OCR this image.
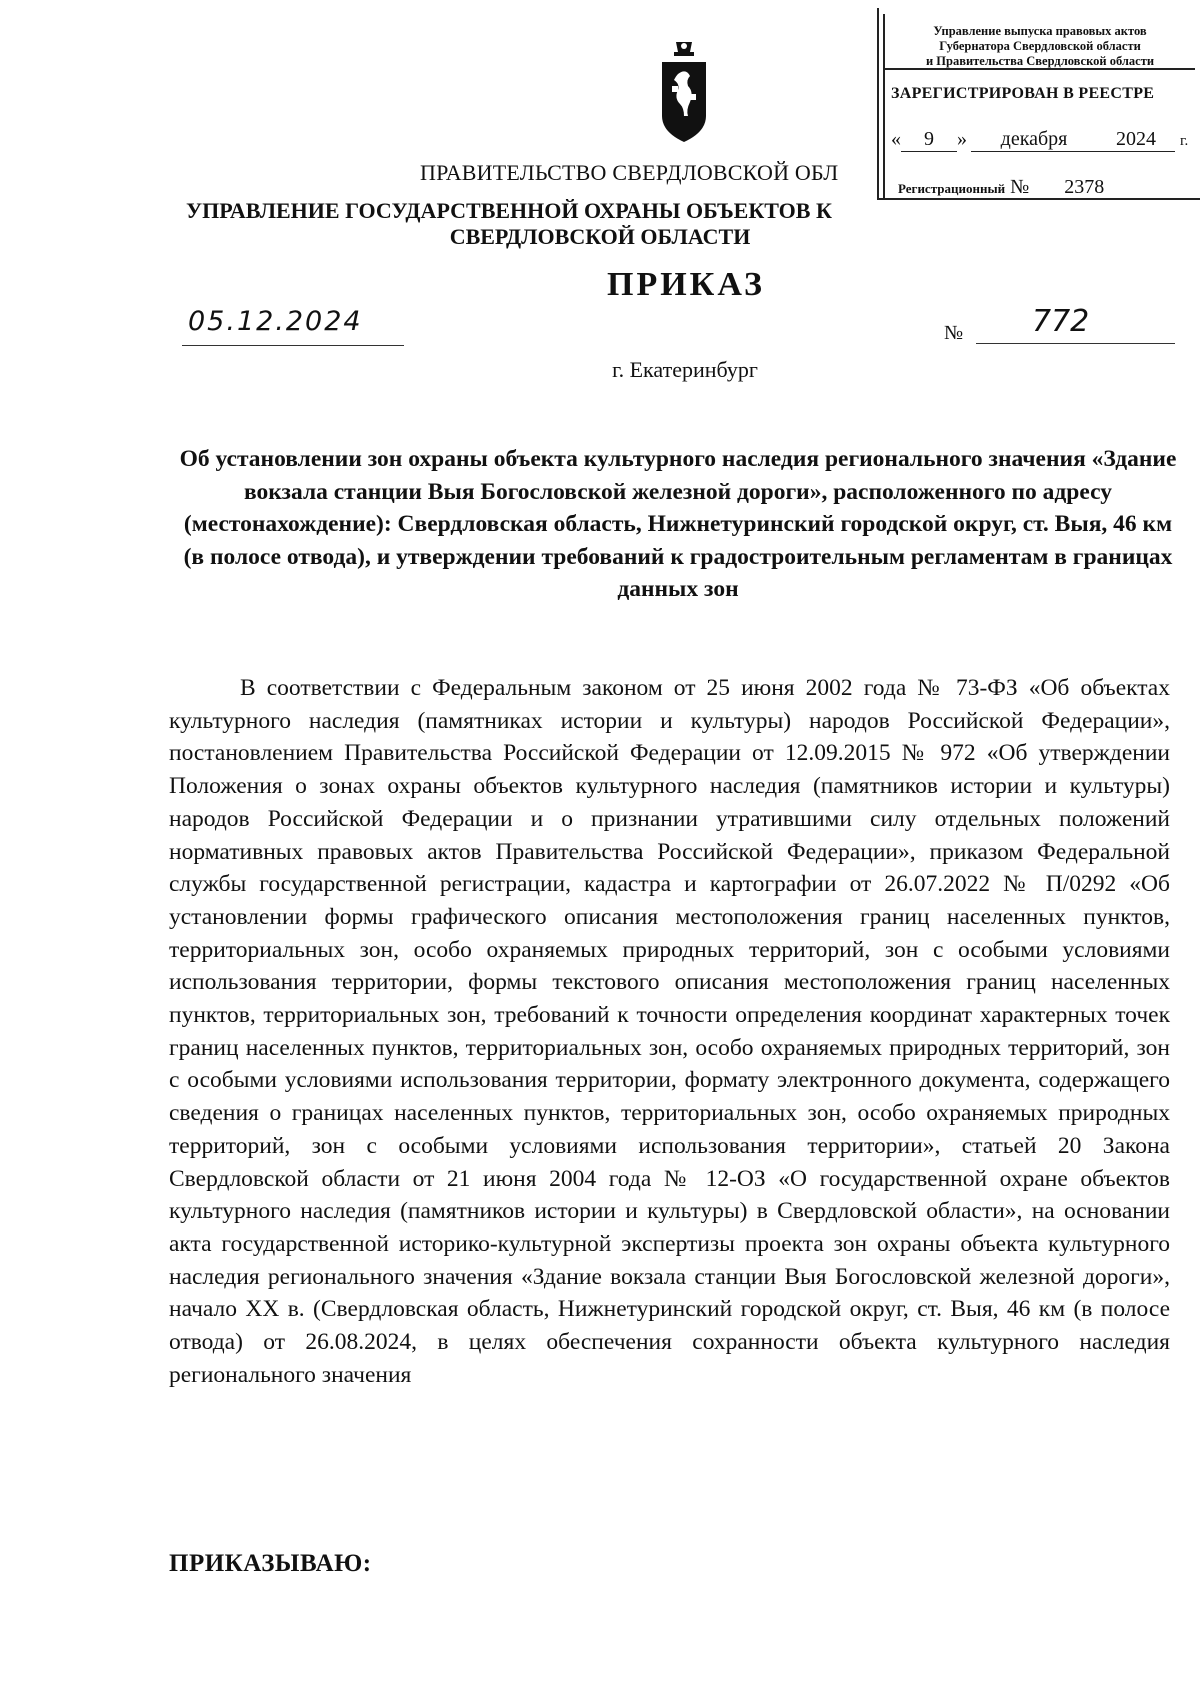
Управление выпуска правовых актов
Губернатора Свердловской области
и Правительства Свердловской области
ЗАРЕГИСТРИРОВАН В РЕЕСТРЕ
« 9 » декабря 2024 г.
Регистрационный № 2378
ПРАВИТЕЛЬСТВО СВЕРДЛОВСКОЙ ОБЛ
УПРАВЛЕНИЕ ГОСУДАРСТВЕННОЙ ОХРАНЫ ОБЪЕКТОВ К
СВЕРДЛОВСКОЙ ОБЛАСТИ
ПРИКАЗ
05.12.2024	№	772
г. Екатеринбург
Об установлении зон охраны объекта культурного наследия регионального значения «Здание вокзала станции Выя Богословской железной дороги», расположенного по адресу (местонахождение): Свердловская область, Нижнетуринский городской округ, ст. Выя, 46 км (в полосе отвода), и утверждении требований к градостроительным регламентам в границах данных зон

В соответствии с Федеральным законом от 25 июня 2002 года № 73-ФЗ «Об объектах культурного наследия (памятниках истории и культуры) народов Российской Федерации», постановлением Правительства Российской Федерации от 12.09.2015 № 972 «Об утверждении Положения о зонах охраны объектов культурного наследия (памятников истории и культуры) народов Российской Федерации и о признании утратившими силу отдельных положений нормативных правовых актов Правительства Российской Федерации», приказом Федеральной службы государственной регистрации, кадастра и картографии от 26.07.2022 № П/0292 «Об установлении формы графического описания местоположения границ населенных пунктов, территориальных зон, особо охраняемых природных территорий, зон с особыми условиями использования территории, формы текстового описания местоположения границ населенных пунктов, территориальных зон, требований к точности определения координат характерных точек границ населенных пунктов, территориальных зон, особо охраняемых природных территорий, зон с особыми условиями использования территории, формату электронного документа, содержащего сведения о границах населенных пунктов, территориальных зон, особо охраняемых природных территорий, зон с особыми условиями использования территории», статьей 20 Закона Свердловской области от 21 июня 2004 года № 12-ОЗ «О государственной охране объектов культурного наследия (памятников истории и культуры) в Свердловской области», на основании акта государственной историко-культурной экспертизы проекта зон охраны объекта культурного наследия регионального значения «Здание вокзала станции Выя Богословской железной дороги», начало XX в. (Свердловская область, Нижнетуринский городской округ, ст. Выя, 46 км (в полосе отвода) от 26.08.2024, в целях обеспечения сохранности объекта культурного наследия регионального значения

ПРИКАЗЫВАЮ:
